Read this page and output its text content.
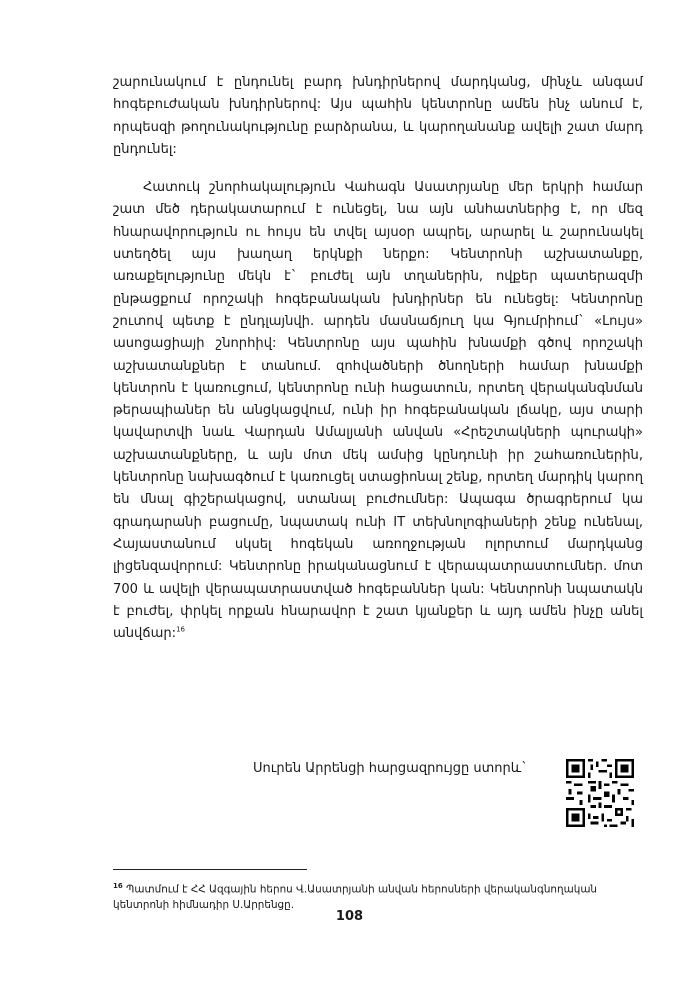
շարունակում է ընդունել բարդ խնդիրներով մարդկանց, մինչև անգամ հոգեբուժական խնդիրներով: Այս պահին կենտրոնը ամեն ինչ անում է, որպեսզի թողունակությունը բարձրանա, և կարողանանք ավելի շատ մարդ ընդունել:

Հատուկ շնորհակալություն Վահագն Ասատրյանը մեր երկրի համար շատ մեծ դերակատարում է ունեցել, նա այն անհատներից է, որ մեզ հնարավորություն ու հույս են տվել այսօր ապրել, արարել և շարունակել ստեղծել այս խաղաղ երկնքի ներքո: Կենտրոնի աշխատանքը, առաքելությունը մեկն է` բուժել այն տղաներին, ովքեր պատերազմի ընթացքում որոշակի հոգեբանական խնդիրներ են ունեցել: Կենտրոնը շուտով պետք է ընդլայնվի. արդեն մասնաճյուղ կա Գյումրիում` «Լույս» ասոցացիայի շնորհիվ: Կենտրոնը այս պահին խնամքի գծով որոշակի աշխատանքներ է տանում. զոհվածների ծնողների համար խնամքի կենտրոն է կառուցում, կենտրոնը ունի հացատուն, որտեղ վերականգնման թերապիաներ են անցկացվում, ունի իր հոգեբանական լճակը, այս տարի կավարտվի նաև Վարդան Ամալյանի անվան «Հրեշտակների պուրակի» աշխատանքները, և այն մոտ մեկ ամսից կընդունի իր շահառուներին, կենտրոնը նախագծում է կառուցել ստացիոնալ շենք, որտեղ մարդիկ կարող են մնալ գիշերակացով, ստանալ բուժումներ: Ապագա ծրագրերում կա գրադարանի բացումը, նպատակ ունի IT տեխնոլոգիաների շենք ունենալ, Հայաստանում սկսել հոգեկան առողջության ոլորտում մարդկանց լիցենզավորում: Կենտրոնը իրականացնում է վերապատրաստումներ. մոտ 700 և ավելի վերապատրաստված հոգեբաններ կան: Կենտրոնի նպատակն է բուժել, փրկել որքան հնարավոր է շատ կյանքեր և այդ ամեն ինչը անել անվճար:$^{16}$

Սուրեն Արրենցի հարցազրույցը ստորև`
$^{16}$ Պատմում է ՀՀ Ազգային հերոս Վ.Ասատրյանի անվան հերոսների վերականգնողական կենտրոնի հիմնադիր Ս.Արրենցը.
108
